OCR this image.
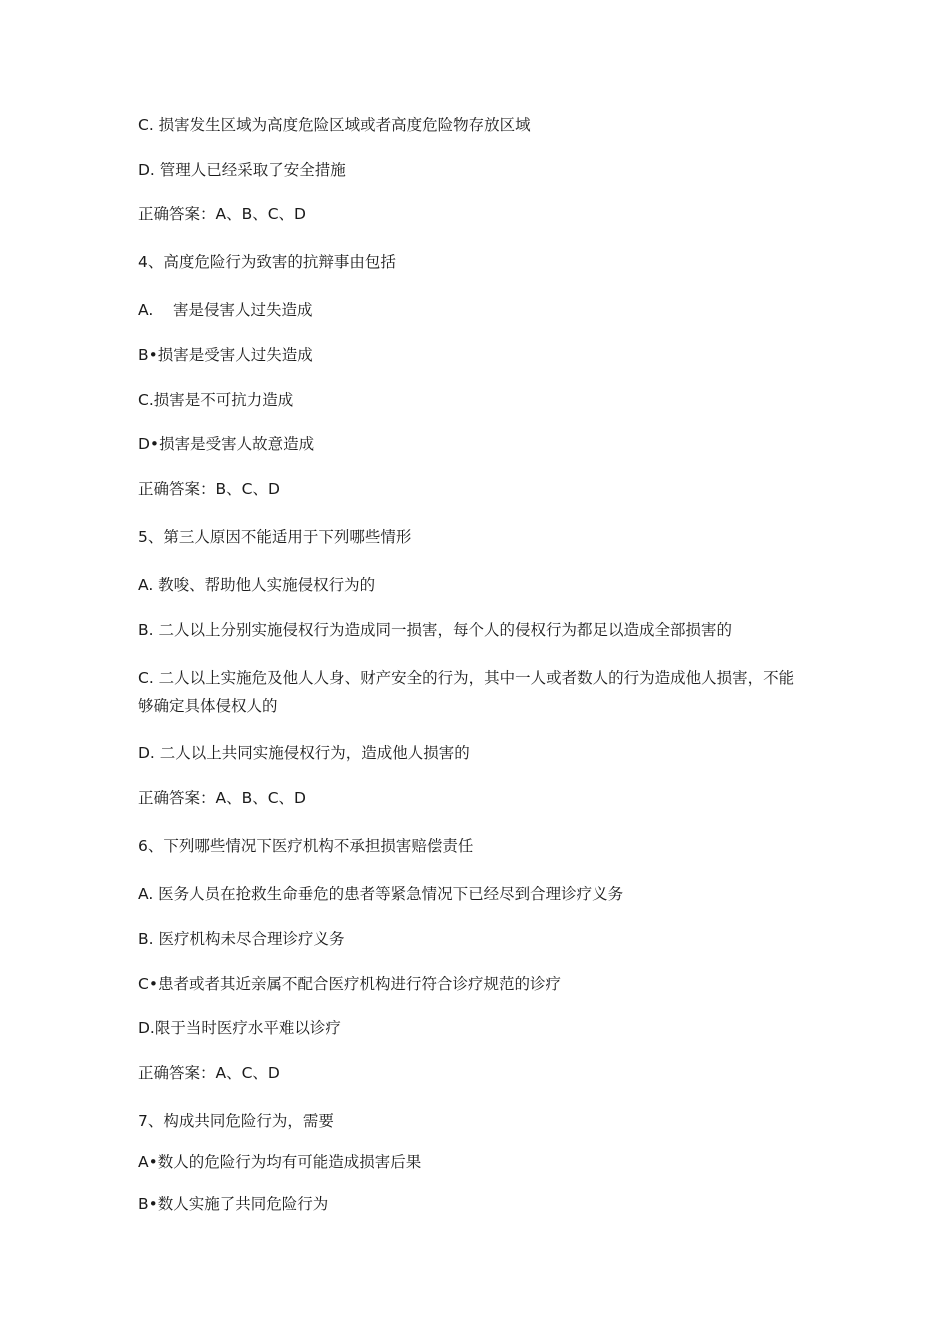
C. 损害发生区域为高度危险区域或者高度危险物存放区域
D. 管理人已经采取了安全措施
正确答案：A、B、C、D
4、高度危险行为致害的抗辩事由包括
A.    害是侵害人过失造成
B•损害是受害人过失造成
C.损害是不可抗力造成
D•损害是受害人故意造成
正确答案：B、C、D
5、第三人原因不能适用于下列哪些情形
A. 教唆、帮助他人实施侵权行为的
B. 二人以上分别实施侵权行为造成同一损害，每个人的侵权行为都足以造成全部损害的
C. 二人以上实施危及他人人身、财产安全的行为，其中一人或者数人的行为造成他人损害，不能够确定具体侵权人的
D. 二人以上共同实施侵权行为，造成他人损害的
正确答案：A、B、C、D
6、下列哪些情况下医疗机构不承担损害赔偿责任
A. 医务人员在抢救生命垂危的患者等紧急情况下已经尽到合理诊疗义务
B. 医疗机构未尽合理诊疗义务
C•患者或者其近亲属不配合医疗机构进行符合诊疗规范的诊疗
D.限于当时医疗水平难以诊疗
正确答案：A、C、D
7、构成共同危险行为，需要
A•数人的危险行为均有可能造成损害后果
B•数人实施了共同危险行为
